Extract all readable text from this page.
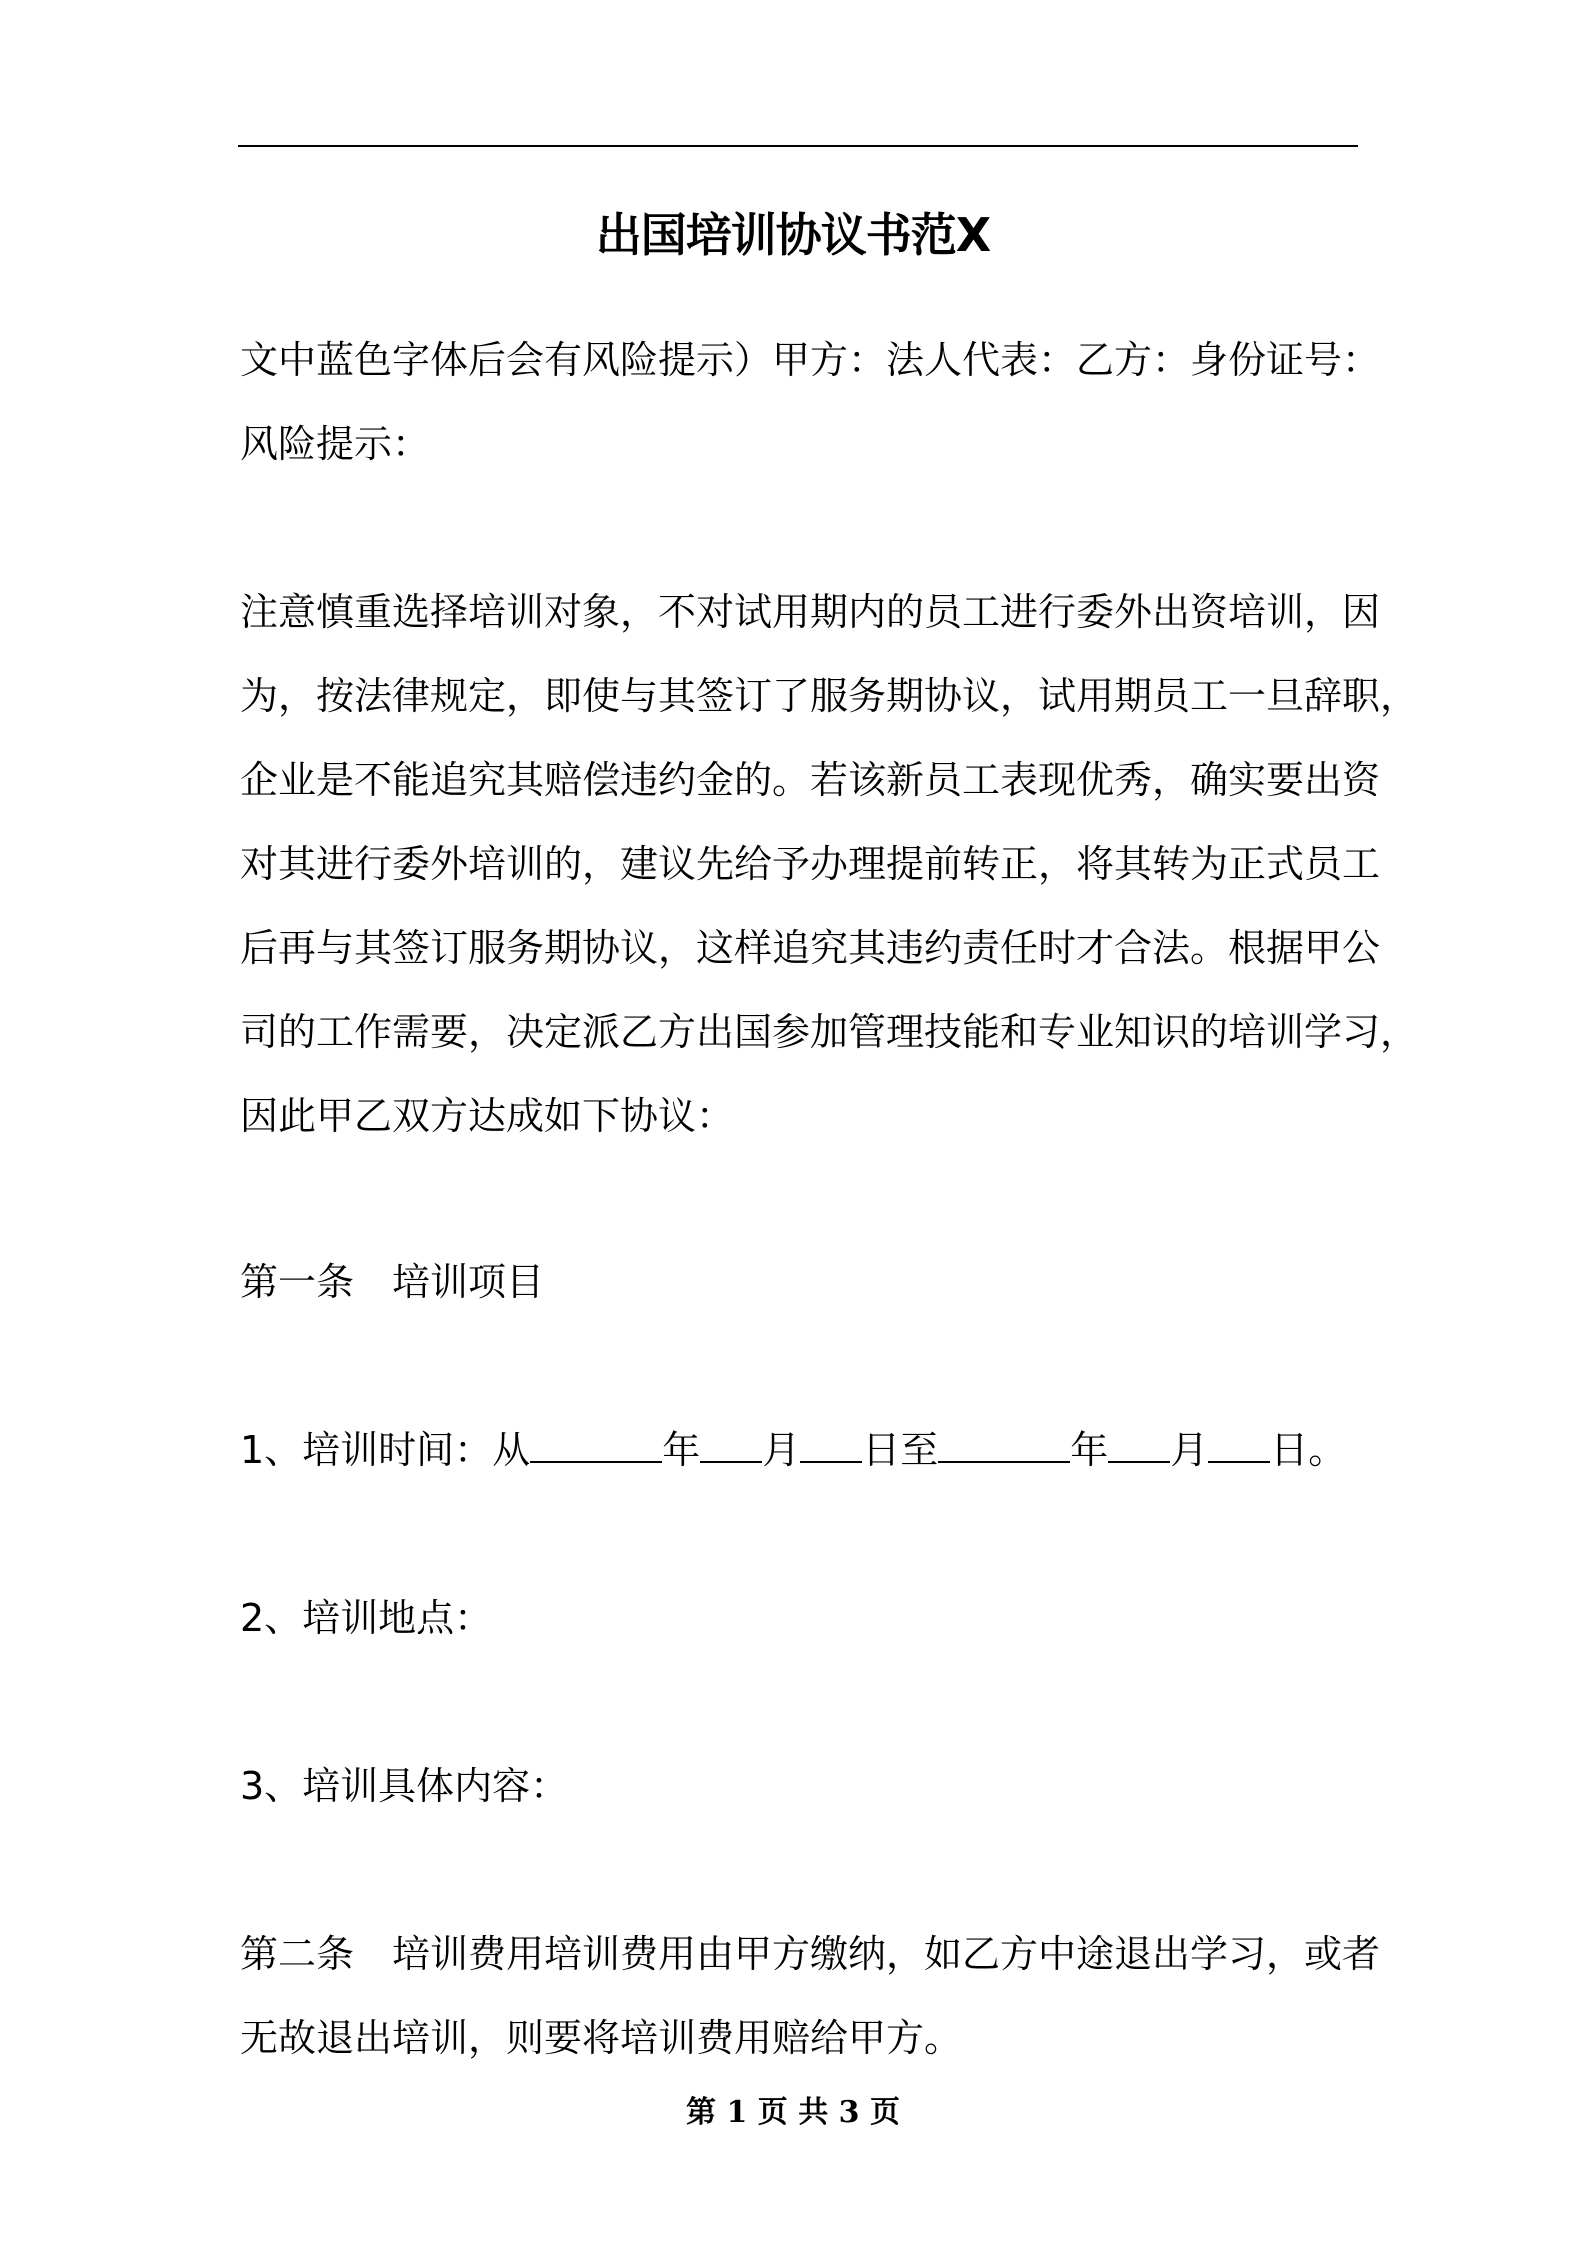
出国培训协议书范X
文中蓝色字体后会有风险提示）甲方：法人代表：乙方：身份证号：
风险提示：
注意慎重选择培训对象，不对试用期内的员工进行委外出资培训，因
为，按法律规定，即使与其签订了服务期协议，试用期员工一旦辞职，
企业是不能追究其赔偿违约金的。若该新员工表现优秀，确实要出资
对其进行委外培训的，建议先给予办理提前转正，将其转为正式员工
后再与其签订服务期协议，这样追究其违约责任时才合法。根据甲公
司的工作需要，决定派乙方出国参加管理技能和专业知识的培训学习，
因此甲乙双方达成如下协议：
第一条 培训项目
1、培训时间：从	年 月 日至	年 月 日。
2、培训地点：
3、培训具体内容：
第二条 培训费用培训费用由甲方缴纳，如乙方中途退出学习，或者
无故退出培训，则要将培训费用赔给甲方。
第 1 页 共 3 页
